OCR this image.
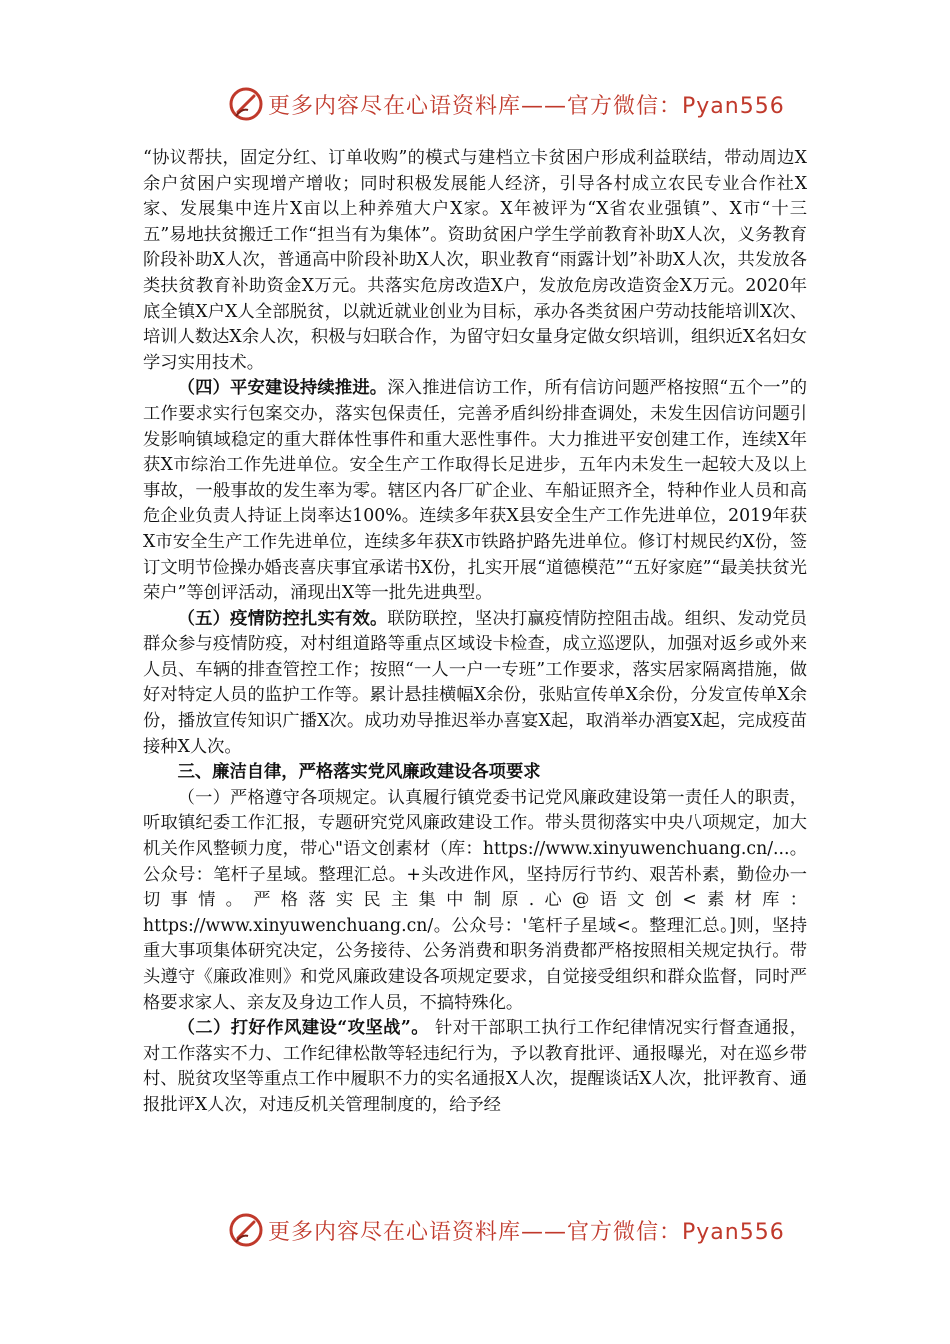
更多内容尽在心语资料库——官方微信：Pyan556

“协议帮扶，固定分红、订单收购”的模式与建档立卡贫困户形成利益联结，带动周边X余户贫困户实现增产增收；同时积极发展能人经济，引导各村成立农民专业合作社X家、发展集中连片X亩以上种养殖大户X家。X年被评为“X省农业强镇”、X市“十三五”易地扶贫搬迁工作“担当有为集体”。资助贫困户学生学前教育补助X人次，义务教育阶段补助X人次，普通高中阶段补助X人次，职业教育“雨露计划”补助X人次，共发放各类扶贫教育补助资金X万元。共落实危房改造X户，发放危房改造资金X万元。2020年底全镇X户X人全部脱贫，以就近就业创业为目标，承办各类贫困户劳动技能培训X次、培训人数达X余人次，积极与妇联合作，为留守妇女量身定做女织培训，组织近X名妇女学习实用技术。

（四）平安建设持续推进。深入推进信访工作，所有信访问题严格按照“五个一”的工作要求实行包案交办，落实包保责任，完善矛盾纠纷排查调处，未发生因信访问题引发影响镇域稳定的重大群体性事件和重大恶性事件。大力推进平安创建工作，连续X年获X市综治工作先进单位。安全生产工作取得长足进步，五年内未发生一起较大及以上事故，一般事故的发生率为零。辖区内各厂矿企业、车船证照齐全，特种作业人员和高危企业负责人持证上岗率达100%。连续多年获X县安全生产工作先进单位，2019年获X市安全生产工作先进单位，连续多年获X市铁路护路先进单位。修订村规民约X份，签订文明节俭操办婚丧喜庆事宜承诺书X份，扎实开展“道德模范”“五好家庭”“最美扶贫光荣户”等创评活动，涌现出X等一批先进典型。

（五）疫情防控扎实有效。联防联控，坚决打赢疫情防控阻击战。组织、发动党员群众参与疫情防疫，对村组道路等重点区域设卡检查，成立巡逻队，加强对返乡或外来人员、车辆的排查管控工作；按照“一人一户一专班”工作要求，落实居家隔离措施，做好对特定人员的监护工作等。累计悬挂横幅X余份，张贴宣传单X余份，分发宣传单X余份，播放宣传知识广播X次。成功劝导推迟举办喜宴X起，取消举办酒宴X起，完成疫苗接种X人次。

三、廉洁自律，严格落实党风廉政建设各项要求

（一）严格遵守各项规定。认真履行镇党委书记党风廉政建设第一责任人的职责，听取镇纪委工作汇报，专题研究党风廉政建设工作。带头贯彻落实中央八项规定，加大机关作风整顿力度，带心"语文创素材（库：https://www.xinyuwenchuang.cn/...。公众号：笔杆子星域。整理汇总。+头改进作风，坚持厉行节约、艰苦朴素，勤俭办一切事情。严格落实民主集中制原.心@语文创<素材库：https://www.xinyuwenchuang.cn/。公众号：'笔杆子星域<。整理汇总。]则，坚持重大事项集体研究决定，公务接待、公务消费和职务消费都严格按照相关规定执行。带头遵守《廉政准则》和党风廉政建设各项规定要求，自觉接受组织和群众监督，同时严格要求家人、亲友及身边工作人员，不搞特殊化。

（二）打好作风建设“攻坚战”。 针对干部职工执行工作纪律情况实行督查通报，对工作落实不力、工作纪律松散等轻违纪行为，予以教育批评、通报曝光，对在巡乡带村、脱贫攻坚等重点工作中履职不力的实名通报X人次，提醒谈话X人次，批评教育、通报批评X人次，对违反机关管理制度的，给予经

更多内容尽在心语资料库——官方微信：Pyan556
